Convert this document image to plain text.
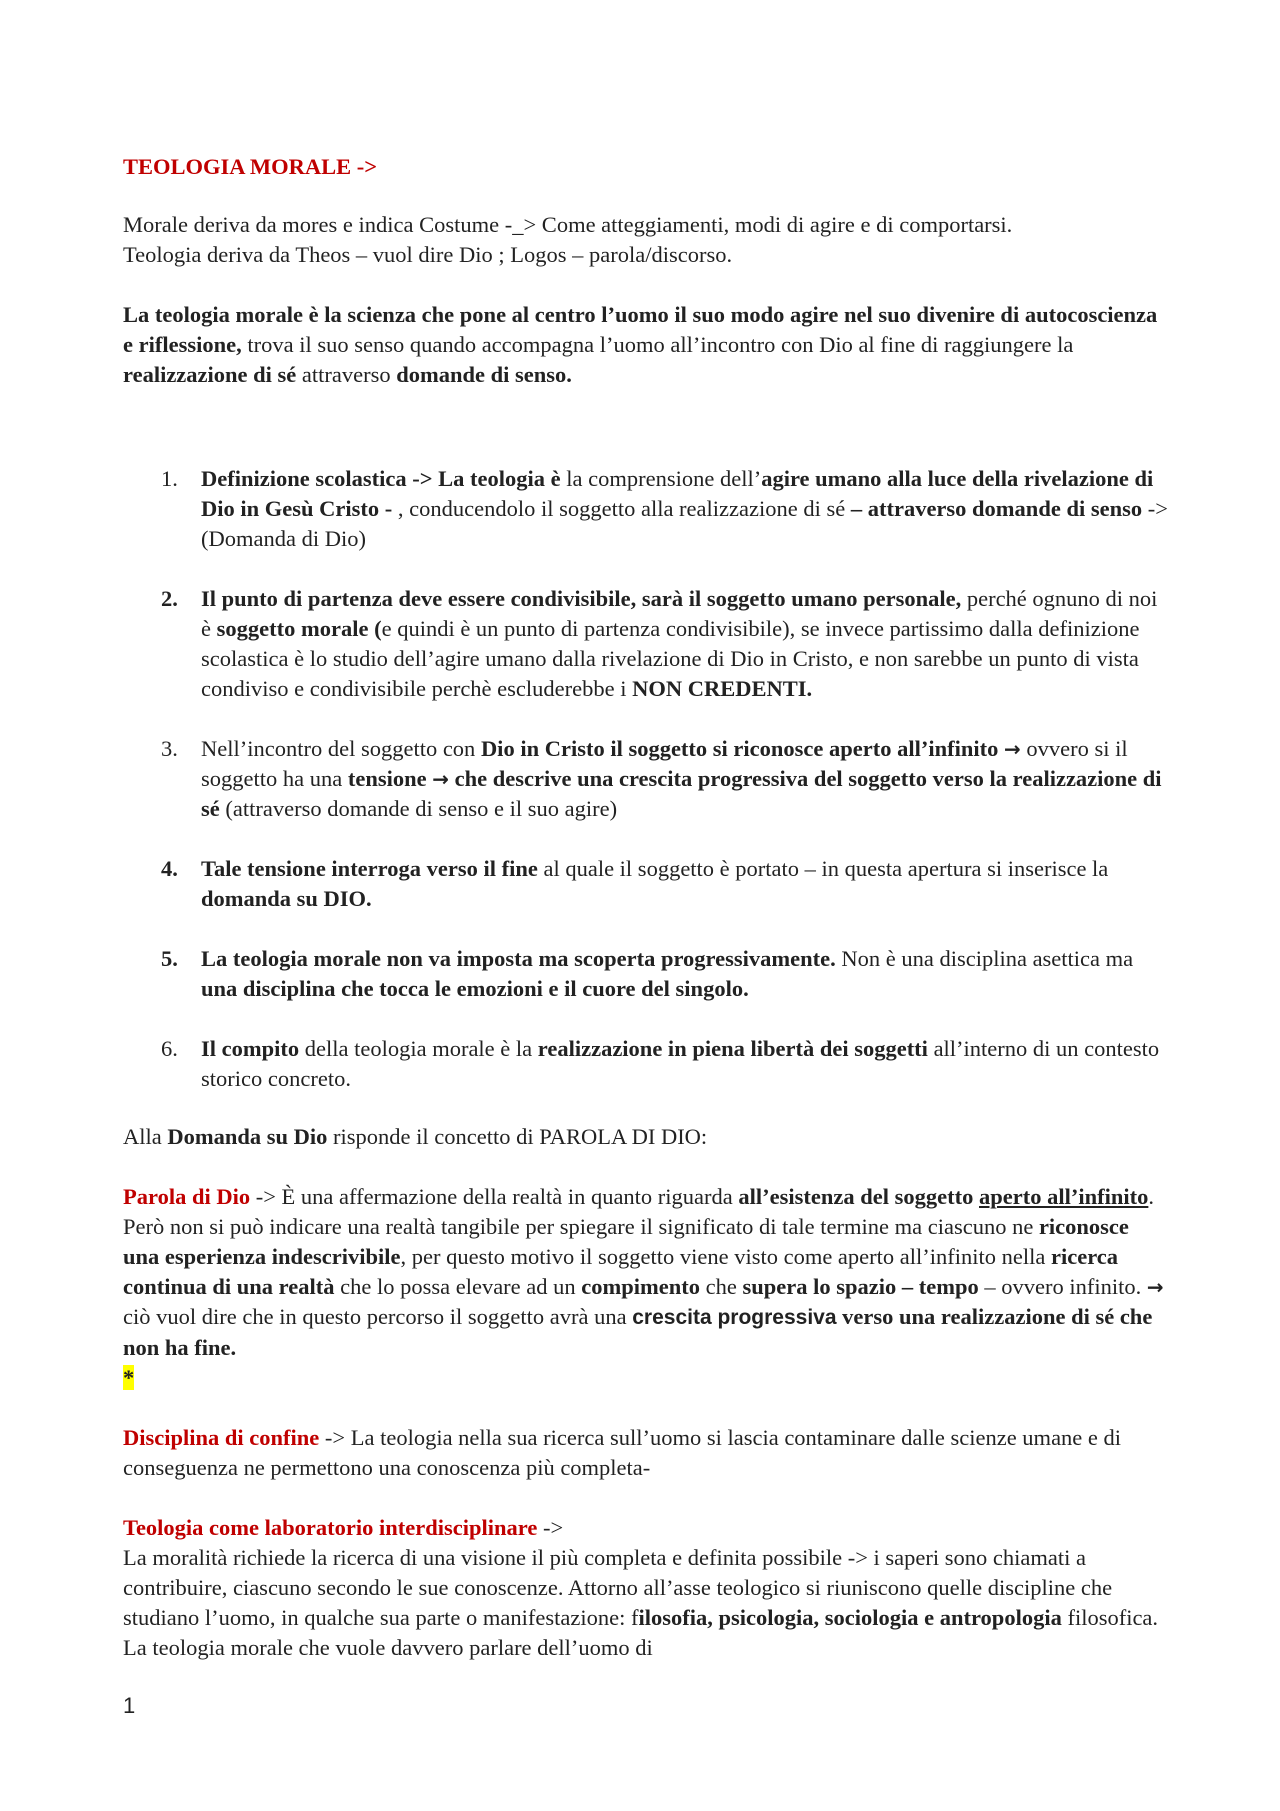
TEOLOGIA MORALE ->

Morale deriva da mores e indica Costume -_> Come atteggiamenti, modi di agire e di comportarsi.

Teologia deriva da Theos – vuol dire Dio ; Logos – parola/discorso.

La teologia morale è la scienza che pone al centro l’uomo il suo modo agire nel suo divenire di autocoscienza e riflessione, trova il suo senso quando accompagna l’uomo all’incontro con Dio al fine di raggiungere la realizzazione di sé attraverso domande di senso.

1.	Definizione scolastica -> La teologia è la comprensione dell’agire umano alla luce della rivelazione di Dio in Gesù Cristo - , conducendolo il soggetto alla realizzazione di sé – attraverso domande di senso -> (Domanda di Dio)
2.	Il punto di partenza deve essere condivisibile, sarà il soggetto umano personale, perché ognuno di noi è soggetto morale (e quindi è un punto di partenza condivisibile), se invece partissimo dalla definizione scolastica è lo studio dell’agire umano dalla rivelazione di Dio in Cristo, e non sarebbe un punto di vista condiviso e condivisibile perchè escluderebbe i NON CREDENTI.
3.	Nell’incontro del soggetto con Dio in Cristo il soggetto si riconosce aperto all’infinito → ovvero si il soggetto ha una tensione → che descrive una crescita progressiva del soggetto verso la realizzazione di sé (attraverso domande di senso e il suo agire)
4.	Tale tensione interroga verso il fine al quale il soggetto è portato – in questa apertura si inserisce la domanda su DIO.
5.	La teologia morale non va imposta ma scoperta progressivamente. Non è una disciplina asettica ma una disciplina che tocca le emozioni e il cuore del singolo.
6.	Il compito della teologia morale è la realizzazione in piena libertà dei soggetti all’interno di un contesto storico concreto.

Alla Domanda su Dio risponde il concetto di PAROLA DI DIO:

Parola di Dio -> È una affermazione della realtà in quanto riguarda all’esistenza del soggetto aperto all’infinito. Però non si può indicare una realtà tangibile per spiegare il significato di tale termine ma ciascuno ne riconosce una esperienza indescrivibile, per questo motivo il soggetto viene visto come aperto all’infinito nella ricerca continua di una realtà che lo possa elevare ad un compimento che supera lo spazio – tempo – ovvero infinito. → ciò vuol dire che in questo percorso il soggetto avrà una crescita progressiva verso una realizzazione di sé che non ha fine.
*

Disciplina di confine -> La teologia nella sua ricerca sull’uomo si lascia contaminare dalle scienze umane e di conseguenza ne permettono una conoscenza più completa-

Teologia come laboratorio interdisciplinare ->

La moralità richiede la ricerca di una visione il più completa e definita possibile -> i saperi sono chiamati a contribuire, ciascuno secondo le sue conoscenze. Attorno all’asse teologico si riuniscono quelle discipline che studiano l’uomo, in qualche sua parte o manifestazione: filosofia, psicologia, sociologia e antropologia filosofica. La teologia morale che vuole davvero parlare dell’uomo di

1
